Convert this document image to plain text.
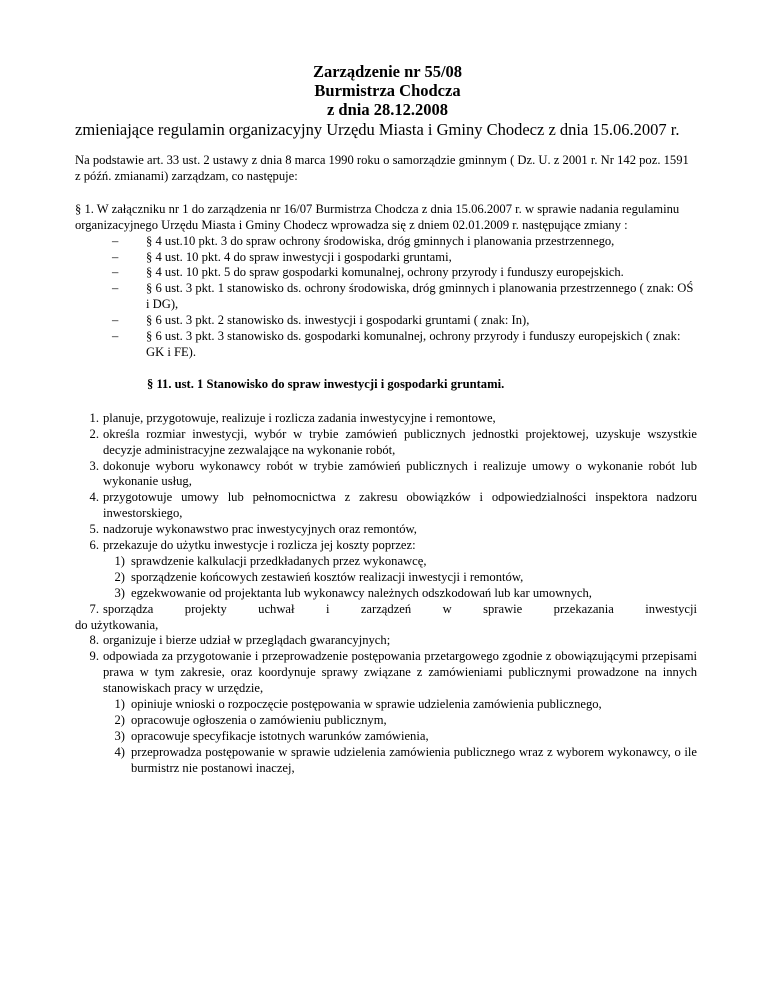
Zarządzenie nr 55/08
Burmistrza Chodcza
z dnia 28.12.2008
zmieniające regulamin organizacyjny Urzędu Miasta i Gminy Chodecz z dnia 15.06.2007 r.
Na podstawie art. 33 ust. 2 ustawy z dnia 8 marca 1990 roku o samorządzie gminnym ( Dz. U. z 2001 r. Nr 142 poz. 1591 z późń. zmianami) zarządzam, co następuje:
§ 1. W załączniku nr 1 do zarządzenia nr 16/07 Burmistrza Chodcza z dnia 15.06.2007 r. w sprawie nadania regulaminu organizacyjnego Urzędu Miasta i Gminy Chodecz wprowadza się z dniem 02.01.2009 r. następujące zmiany :
– § 4 ust.10 pkt. 3 do spraw ochrony środowiska, dróg gminnych i planowania przestrzennego,
– § 4 ust. 10 pkt. 4 do spraw inwestycji i gospodarki gruntami,
– § 4 ust. 10 pkt. 5 do spraw gospodarki komunalnej, ochrony przyrody i funduszy europejskich.
– § 6 ust. 3 pkt. 1 stanowisko ds. ochrony środowiska, dróg gminnych i planowania przestrzennego ( znak: OŚ i DG),
– § 6 ust. 3 pkt. 2 stanowisko ds. inwestycji i gospodarki gruntami ( znak: In),
– § 6 ust. 3 pkt. 3 stanowisko ds. gospodarki komunalnej, ochrony przyrody i funduszy europejskich ( znak: GK i FE).
§ 11. ust. 1 Stanowisko do spraw inwestycji i gospodarki gruntami.
1. planuje, przygotowuje, realizuje i rozlicza zadania inwestycyjne i remontowe,
2. określa rozmiar inwestycji, wybór w trybie zamówień publicznych jednostki projektowej, uzyskuje wszystkie decyzje administracyjne zezwalające na wykonanie robót,
3. dokonuje wyboru wykonawcy robót w trybie zamówień publicznych i realizuje umowy o wykonanie robót lub wykonanie usług,
4. przygotowuje umowy lub pełnomocnictwa z zakresu obowiązków i odpowiedzialności inspektora nadzoru inwestorskiego,
5. nadzoruje wykonawstwo prac inwestycyjnych oraz remontów,
6. przekazuje do użytku inwestycje i rozlicza jej koszty poprzez:
1) sprawdzenie kalkulacji przedkładanych przez wykonawcę,
2) sporządzenie końcowych zestawień kosztów realizacji inwestycji i remontów,
3) egzekwowanie od projektanta lub wykonawcy należnych odszkodowań lub kar umownych,
7. sporządza projekty uchwał i zarządzeń w sprawie przekazania inwestycji
do użytkowania,
8. organizuje i bierze udział w przeglądach gwarancyjnych;
9. odpowiada za przygotowanie i przeprowadzenie postępowania przetargowego zgodnie z obowiązującymi przepisami prawa w tym zakresie, oraz koordynuje sprawy związane z zamówieniami publicznymi prowadzone na innych stanowiskach pracy w urzędzie,
1) opiniuje wnioski o rozpoczęcie postępowania w sprawie udzielenia zamówienia publicznego,
2) opracowuje ogłoszenia o zamówieniu publicznym,
3) opracowuje specyfikacje istotnych warunków zamówienia,
4) przeprowadza postępowanie w sprawie udzielenia zamówienia publicznego wraz z wyborem wykonawcy, o ile burmistrz nie postanowi inaczej,
